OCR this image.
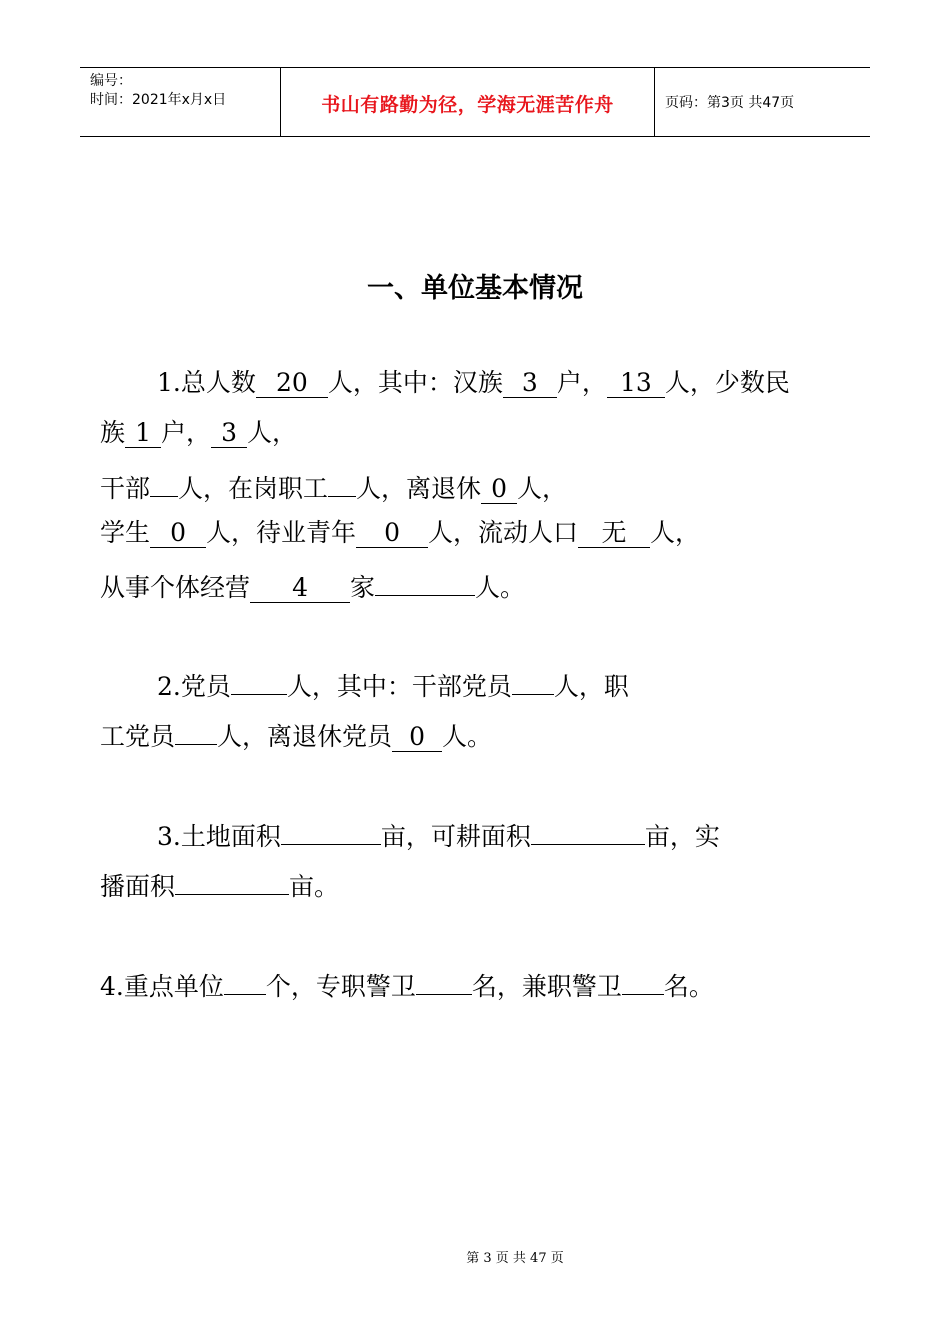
编号：
时间：2021年x月x日	书山有路勤为径，学海无涯苦作舟	页码：第3页 共47页
一、单位基本情况
1.总人数 20 人，其中：汉族 3 户， 13 人，少数民
族 1 户， 3 人，
干部 人，在岗职工 人，离退休 0 人，
学生 0 人，待业青年 0 人，流动人口 无 人，
从事个体经营 4 家	人。
2.党员 人，其中：干部党员 人，职
工党员 人，离退休党员 0 人。
3.土地面积	亩，可耕面积	亩，实
播面积	亩。
4.重点单位 个，专职警卫 名，兼职警卫 名。
第 3 页 共 47 页
